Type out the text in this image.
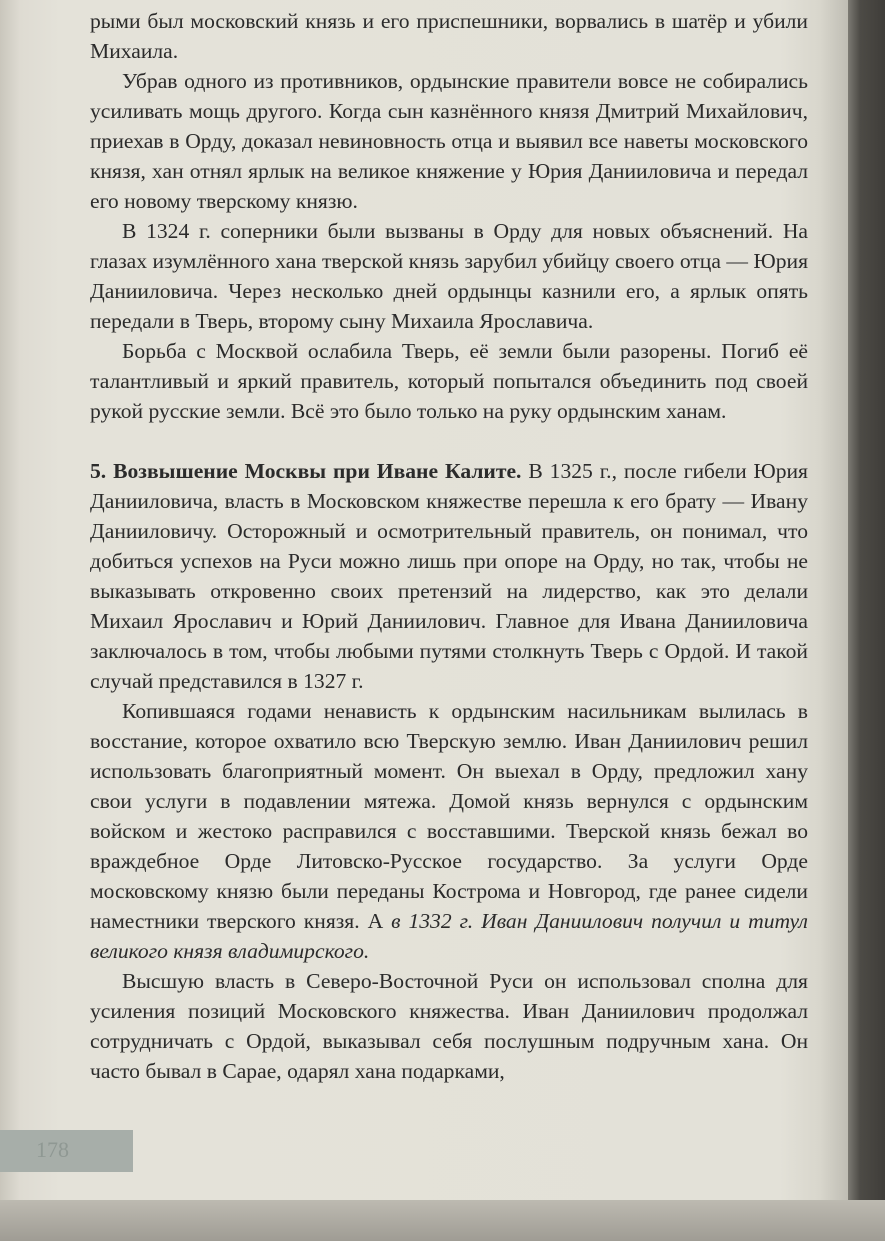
рыми был московский князь и его приспешники, ворвались в шатёр и убили Михаила.

Убрав одного из противников, ордынские правители вовсе не собирались усиливать мощь другого. Когда сын казнённого князя Дмитрий Михайлович, приехав в Орду, доказал невиновность отца и выявил все наветы московского князя, хан отнял ярлык на великое княжение у Юрия Данииловича и передал его новому тверскому князю.

В 1324 г. соперники были вызваны в Орду для новых объяснений. На глазах изумлённого хана тверской князь зарубил убийцу своего отца — Юрия Данииловича. Через несколько дней ордынцы казнили его, а ярлык опять передали в Тверь, второму сыну Михаила Ярославича.

Борьба с Москвой ослабила Тверь, её земли были разорены. Погиб её талантливый и яркий правитель, который попытался объединить под своей рукой русские земли. Всё это было только на руку ордынским ханам.

5. Возвышение Москвы при Иване Калите. В 1325 г., после гибели Юрия Данииловича, власть в Московском княжестве перешла к его брату — Ивану Данииловичу. Осторожный и осмотрительный правитель, он понимал, что добиться успехов на Руси можно лишь при опоре на Орду, но так, чтобы не выказывать откровенно своих претензий на лидерство, как это делали Михаил Ярославич и Юрий Даниилович. Главное для Ивана Данииловича заключалось в том, чтобы любыми путями столкнуть Тверь с Ордой. И такой случай представился в 1327 г.

Копившаяся годами ненависть к ордынским насильникам вылилась в восстание, которое охватило всю Тверскую землю. Иван Даниилович решил использовать благоприятный момент. Он выехал в Орду, предложил хану свои услуги в подавлении мятежа. Домой князь вернулся с ордынским войском и жестоко расправился с восставшими. Тверской князь бежал во враждебное Орде Литовско-Русское государство. За услуги Орде московскому князю были переданы Кострома и Новгород, где ранее сидели наместники тверского князя. А в 1332 г. Иван Даниилович получил и титул великого князя владимирского.

Высшую власть в Северо-Восточной Руси он использовал сполна для усиления позиций Московского княжества. Иван Даниилович продолжал сотрудничать с Ордой, выказывал себя послушным подручным хана. Он часто бывал в Сарае, одарял хана подарками,

178
